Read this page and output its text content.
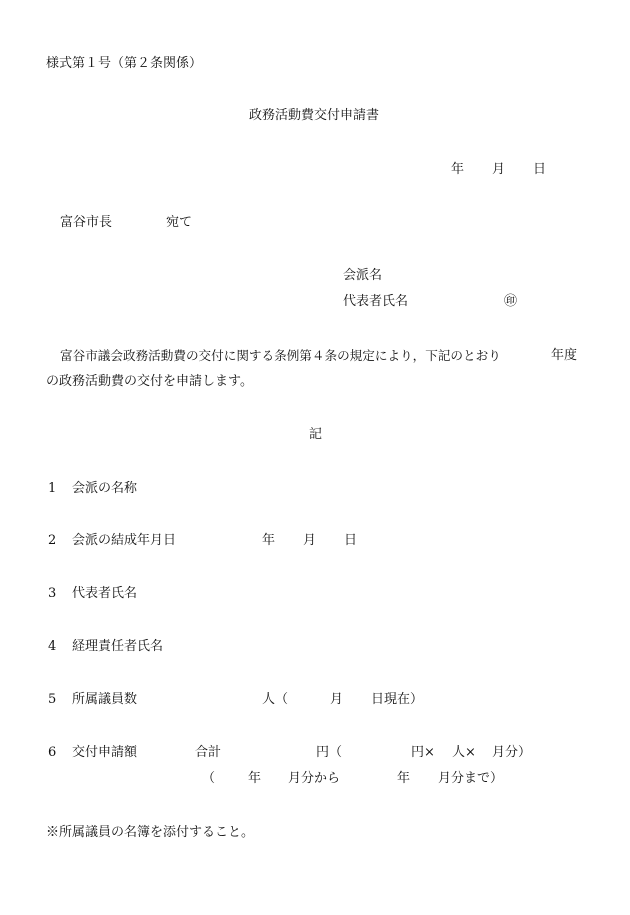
様式第１号（第２条関係）
政務活動費交付申請書
年 月 日
富谷市長	宛て
会派名
代表者氏名	㊞
富谷市議会政務活動費の交付に関する条例第４条の規定により，下記のとおり	年度
の政務活動費の交付を申請します。
記
1 会派の名称
2 会派の結成年月日	年 月 日
3 代表者氏名
4 経理責任者氏名
5 所属議員数	人（	月 日現在）
6 交付申請額	合計	円（	円× 人× 月分）
（	年 月分から	年 月分まで）
※所属議員の名簿を添付すること。
